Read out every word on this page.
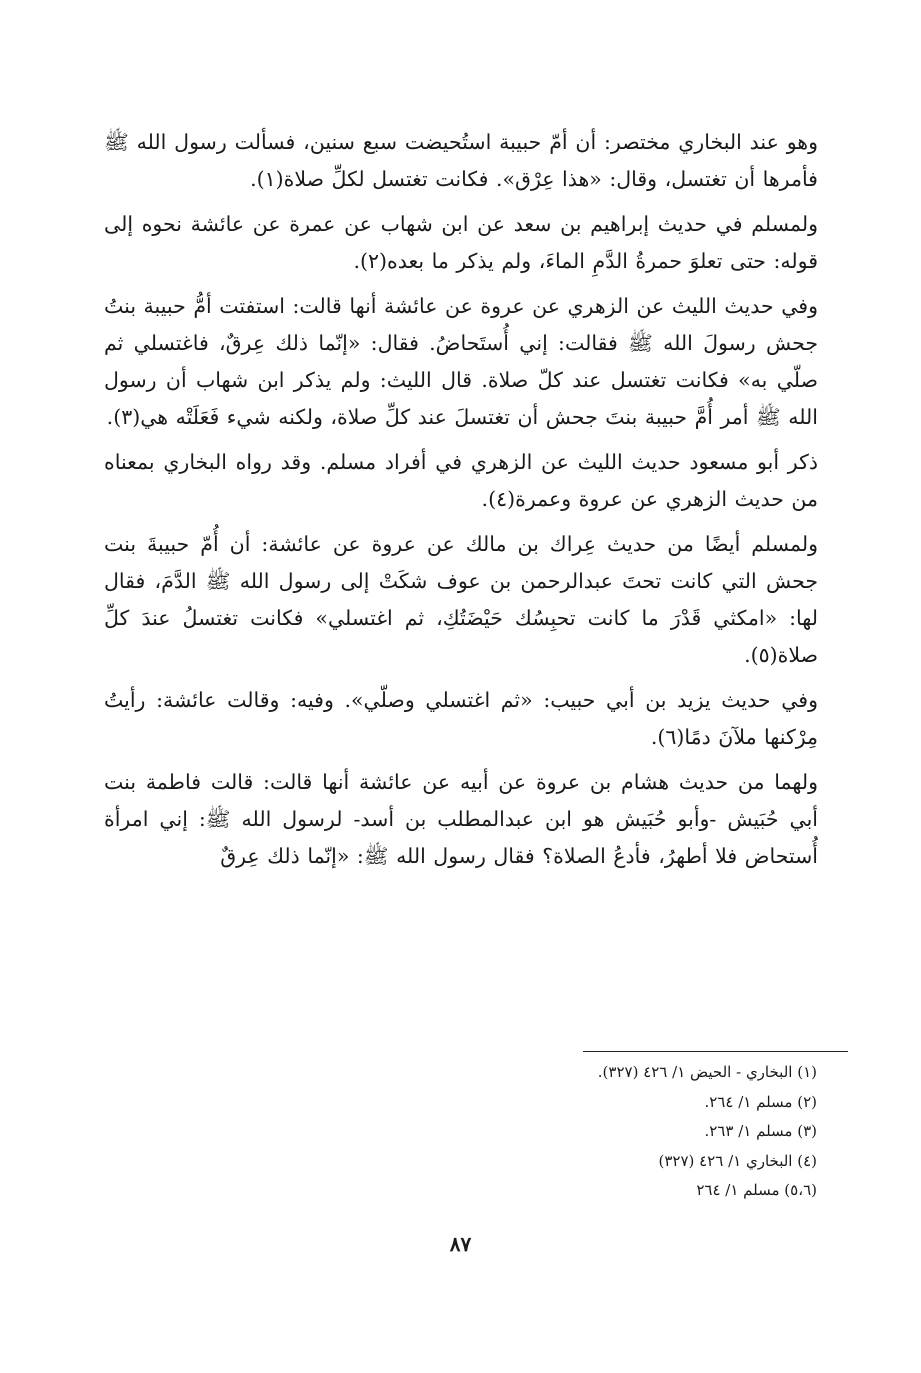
وهو عند البخاري مختصر: أن أمّ حبيبة استُحيضت سبع سنين، فسألت رسول الله ﷺ فأمرها أن تغتسل، وقال: «هذا عِرْق». فكانت تغتسل لكلِّ صلاة(١).

ولمسلم في حديث إبراهيم بن سعد عن ابن شهاب عن عمرة عن عائشة نحوه إلى قوله: حتى تعلوَ حمرةُ الدَّمِ الماءَ، ولم يذكر ما بعده(٢).

وفي حديث الليث عن الزهري عن عروة عن عائشة أنها قالت: استفتت أمُّ حبيبة بنتُ جحش رسولَ الله ﷺ فقالت: إني أُستَحاضُ. فقال: «إنّما ذلك عِرقٌ، فاغتسلي ثم صلّي به» فكانت تغتسل عند كلّ صلاة. قال الليث: ولم يذكر ابن شهاب أن رسول الله ﷺ أمر أُمَّ حبيبة بنتَ جحش أن تغتسلَ عند كلِّ صلاة، ولكنه شيء فَعَلَتْه هي(٣).

ذكر أبو مسعود حديث الليث عن الزهري في أفراد مسلم. وقد رواه البخاري بمعناه من حديث الزهري عن عروة وعمرة(٤).

ولمسلم أيضًا من حديث عِراك بن مالك عن عروة عن عائشة: أن أُمّ حبيبةَ بنت جحش التي كانت تحتَ عبدالرحمن بن عوف شكَتْ إلى رسول الله ﷺ الدَّمَ، فقال لها: «امكثي قَدْرَ ما كانت تحبِسُك حَيْضَتُكِ، ثم اغتسلي» فكانت تغتسلُ عندَ كلِّ صلاة(٥).

وفي حديث يزيد بن أبي حبيب: «ثم اغتسلي وصلّي». وفيه: وقالت عائشة: رأيتُ مِرْكنها ملآنَ دمًا(٦).

ولهما من حديث هشام بن عروة عن أبيه عن عائشة أنها قالت: قالت فاطمة بنت أبي حُبَيش -وأبو حُبَيش هو ابن عبدالمطلب بن أسد- لرسول الله ﷺ: إني امرأة أُستحاض فلا أطهرُ، فأدعُ الصلاة؟ فقال رسول الله ﷺ: «إنّما ذلك عِرقٌ

(١) البخاري - الحيض ١/ ٤٢٦ (٣٢٧).
(٢) مسلم ١/ ٢٦٤.
(٣) مسلم ١/ ٢٦٣.
(٤) البخاري ١/ ٤٢٦ (٣٢٧)
(٥،٦) مسلم ١/ ٢٦٤
٨٧
